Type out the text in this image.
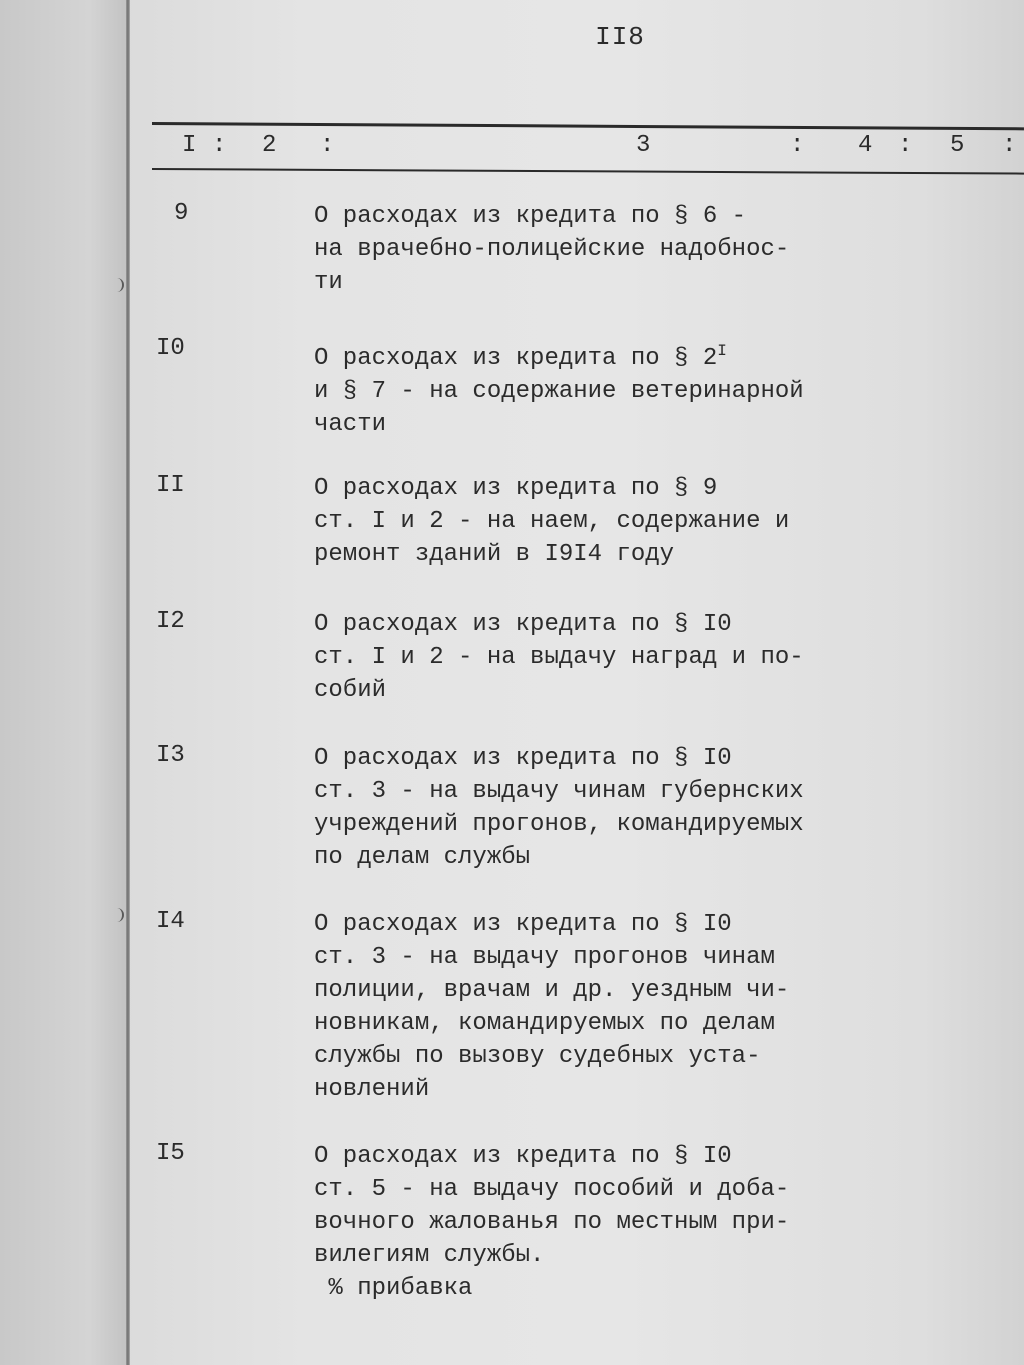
II8
I : 2 :	3	: 4 : 5 :
9	О расходах из кредита по § 6 -
на врачебно-полицейские надобнос-
ти
I0	О расходах из кредита по § $2^I$
и § 7 - на содержание ветеринарной
части
II	О расходах из кредита по § 9
ст. I и 2 - на наем, содержание и
ремонт зданий в I9I4 году
I2	О расходах из кредита по § I0
ст. I и 2 - на выдачу наград и по-
собий
I3	О расходах из кредита по § I0
ст. 3 - на выдачу чинам губернских
учреждений прогонов, командируемых
по делам службы
I4	О расходах из кредита по § I0
ст. 3 - на выдачу прогонов чинам
полиции, врачам и др. уездным чи-
новникам, командируемых по делам
службы по вызову судебных уста-
новлений
I5	О расходах из кредита по § I0
ст. 5 - на выдачу пособий и доба-
вочного жалованья по местным при-
вилегиям службы.
% прибавка
